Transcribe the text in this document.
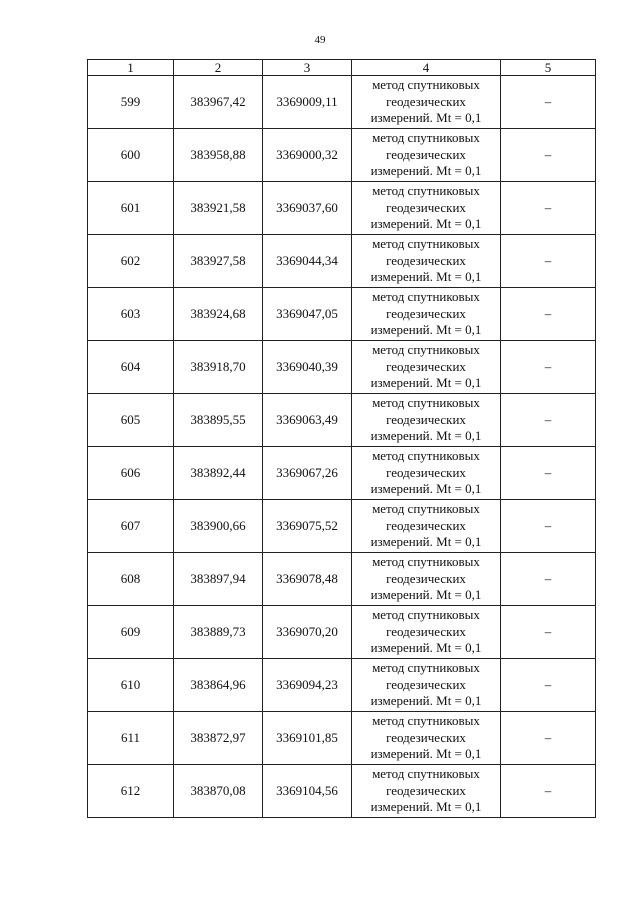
49
1	2	3	4	5
599	383967,42	3369009,11	метод спутниковых
геодезических
измерений. Mt = 0,1	–
600	383958,88	3369000,32	метод спутниковых
геодезических
измерений. Mt = 0,1	–
601	383921,58	3369037,60	метод спутниковых
геодезических
измерений. Mt = 0,1	–
602	383927,58	3369044,34	метод спутниковых
геодезических
измерений. Mt = 0,1	–
603	383924,68	3369047,05	метод спутниковых
геодезических
измерений. Mt = 0,1	–
604	383918,70	3369040,39	метод спутниковых
геодезических
измерений. Mt = 0,1	–
605	383895,55	3369063,49	метод спутниковых
геодезических
измерений. Mt = 0,1	–
606	383892,44	3369067,26	метод спутниковых
геодезических
измерений. Mt = 0,1	–
607	383900,66	3369075,52	метод спутниковых
геодезических
измерений. Mt = 0,1	–
608	383897,94	3369078,48	метод спутниковых
геодезических
измерений. Mt = 0,1	–
609	383889,73	3369070,20	метод спутниковых
геодезических
измерений. Mt = 0,1	–
610	383864,96	3369094,23	метод спутниковых
геодезических
измерений. Mt = 0,1	–
611	383872,97	3369101,85	метод спутниковых
геодезических
измерений. Mt = 0,1	–
612	383870,08	3369104,56	метод спутниковых
геодезических
измерений. Mt = 0,1	–
